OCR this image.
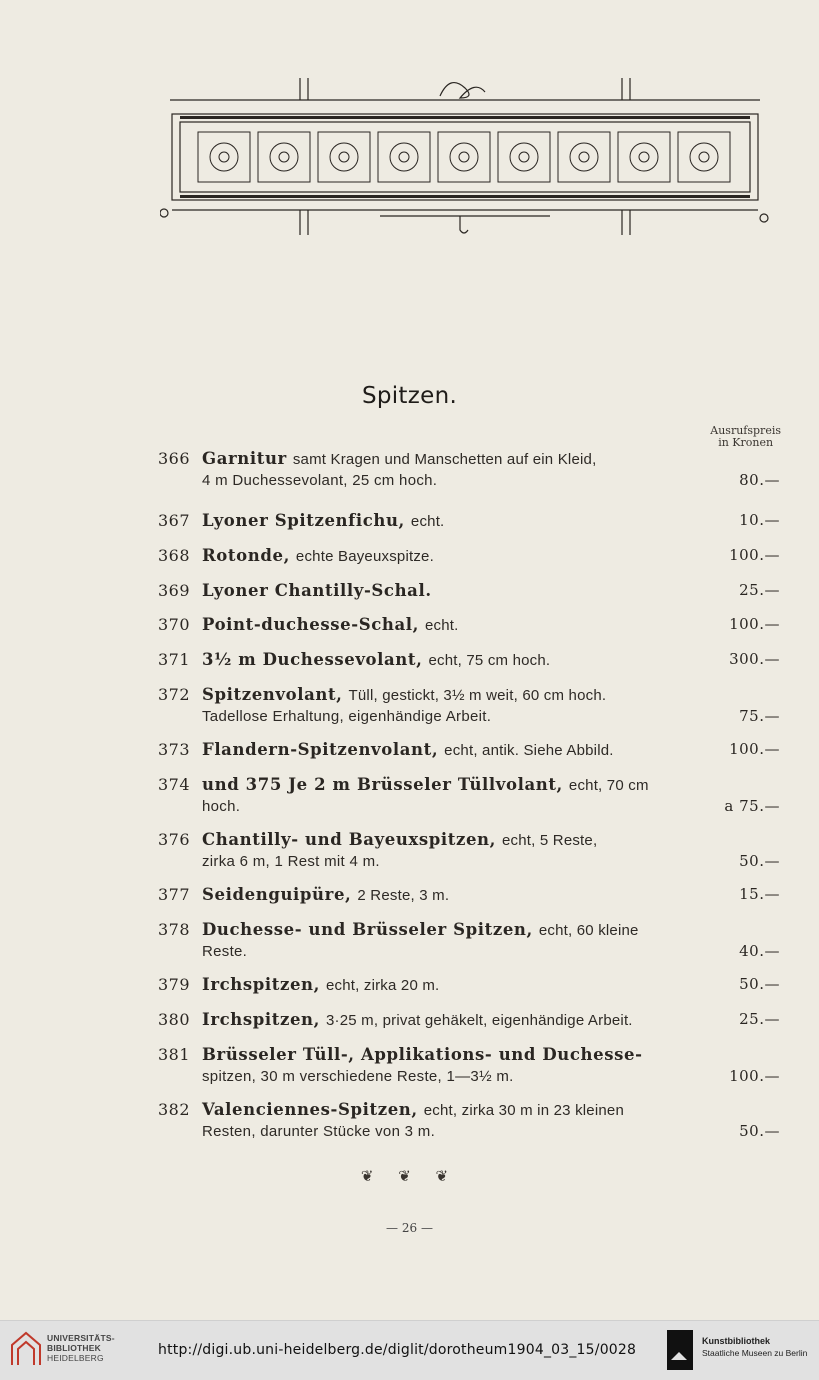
Spitzen.
Ausrufspreis
in Kronen
366 Garnitur samt Kragen und Manschetten auf ein Kleid,
4 m Duchessevolant, 25 cm hoch.	80.—
367 Lyoner Spitzenfichu, echt.	10.—
368 Rotonde, echte Bayeuxspitze.	100.—
369 Lyoner Chantilly-Schal.	25.—
370 Point-duchesse-Schal, echt.	100.—
371 3½ m Duchessevolant, echt, 75 cm hoch.	300.—
372 Spitzenvolant, Tüll, gestickt, 3½ m weit, 60 cm hoch.
Tadellose Erhaltung, eigenhändige Arbeit.	75.—
373 Flandern-Spitzenvolant, echt, antik. Siehe Abbild.	100.—
374 und 375 Je 2 m Brüsseler Tüllvolant, echt, 70 cm
hoch.	a 75.—
376 Chantilly- und Bayeuxspitzen, echt, 5 Reste,
zirka 6 m, 1 Rest mit 4 m.	50.—
377 Seidenguipüre, 2 Reste, 3 m.	15.—
378 Duchesse- und Brüsseler Spitzen, echt, 60 kleine
Reste.	40.—
379 Irchspitzen, echt, zirka 20 m.	50.—
380 Irchspitzen, 3·25 m, privat gehäkelt, eigenhändige Arbeit.	25.—
381 Brüsseler Tüll-, Applikations- und Duchesse-
spitzen, 30 m verschiedene Reste, 1—3½ m.	100.—
382 Valenciennes-Spitzen, echt, zirka 30 m in 23 kleinen
Resten, darunter Stücke von 3 m.	50.—
❦ ❦ ❦
— 26 —
UNIVERSITÄTS-
BIBLIOTHEK
HEIDELBERG	http://digi.ub.uni-heidelberg.de/diglit/dorotheum1904_03_15/0028
Kunstbibliothek
Staatliche Museen zu Berlin
